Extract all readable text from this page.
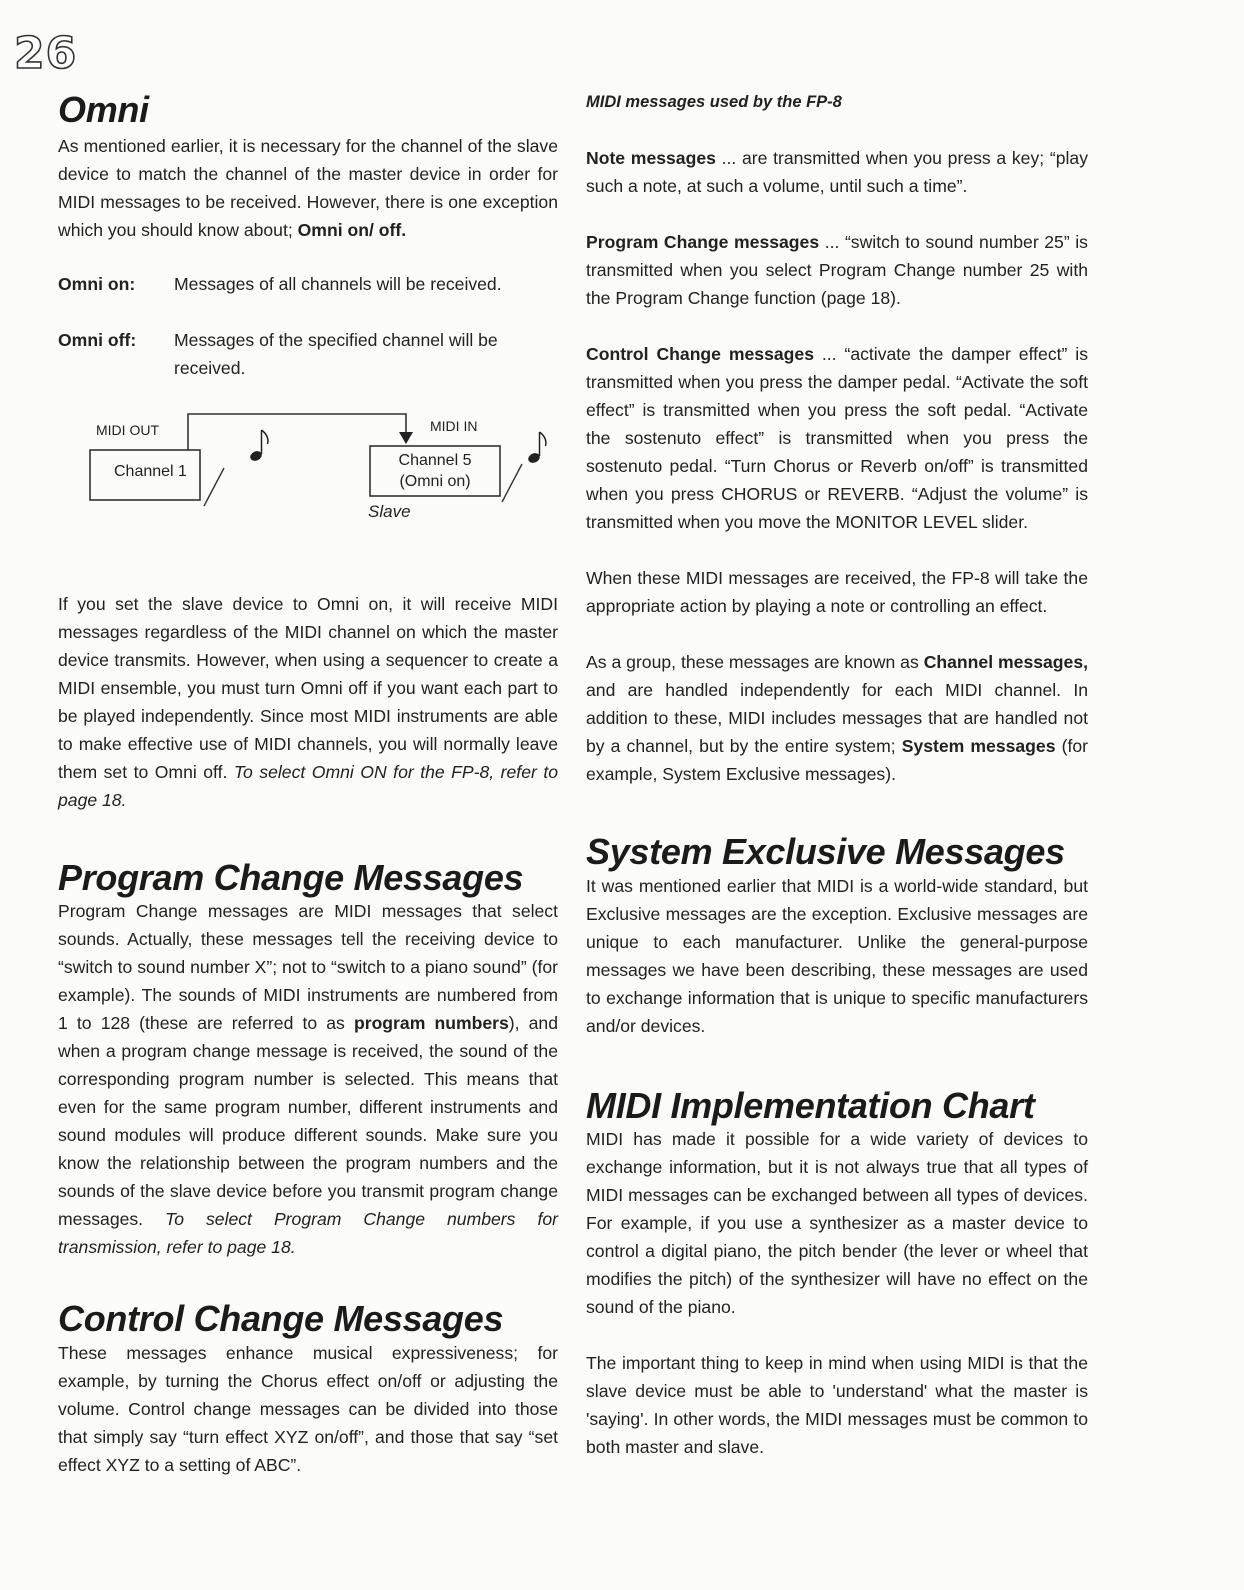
26
Omni

As mentioned earlier, it is necessary for the channel of the slave device to match the channel of the master device in order for MIDI messages to be received. However, there is one exception which you should know about; Omni on/ off.

Omni on:	Messages of all channels will be received.
Omni off:	Messages of the specified channel will be received.
MIDI OUT	MIDI IN
Channel 1
Channel 5
(Omni on)
Slave

If you set the slave device to Omni on, it will receive MIDI messages regardless of the MIDI channel on which the master device transmits. However, when using a sequencer to create a MIDI ensemble, you must turn Omni off if you want each part to be played independently. Since most MIDI instruments are able to make effective use of MIDI channels, you will normally leave them set to Omni off. To select Omni ON for the FP-8, refer to page 18.

Program Change Messages

Program Change messages are MIDI messages that select sounds. Actually, these messages tell the receiving device to “switch to sound number X”; not to “switch to a piano sound” (for example). The sounds of MIDI instruments are numbered from 1 to 128 (these are referred to as program numbers), and when a program change message is received, the sound of the corresponding program number is selected. This means that even for the same program number, different instruments and sound modules will produce different sounds. Make sure you know the relationship between the program numbers and the sounds of the slave device before you transmit program change messages. To select Program Change numbers for transmission, refer to page 18.

Control Change Messages

These messages enhance musical expressiveness; for example, by turning the Chorus effect on/off or adjusting the volume. Control change messages can be divided into those that simply say “turn effect XYZ on/off”, and those that say “set effect XYZ to a setting of ABC”.

MIDI messages used by the FP-8

Note messages ... are transmitted when you press a key; “play such a note, at such a volume, until such a time”.

Program Change messages ... “switch to sound number 25” is transmitted when you select Program Change number 25 with the Program Change function (page 18).

Control Change messages ... “activate the damper effect” is transmitted when you press the damper pedal. “Activate the soft effect” is transmitted when you press the soft pedal. “Activate the sostenuto effect” is transmitted when you press the sostenuto pedal. “Turn Chorus or Reverb on/off” is transmitted when you press CHORUS or REVERB. “Adjust the volume” is transmitted when you move the MONITOR LEVEL slider.

When these MIDI messages are received, the FP-8 will take the appropriate action by playing a note or controlling an effect.

As a group, these messages are known as Channel messages, and are handled independently for each MIDI channel. In addition to these, MIDI includes messages that are handled not by a channel, but by the entire system; System messages (for example, System Exclusive messages).

System Exclusive Messages

It was mentioned earlier that MIDI is a world-wide standard, but Exclusive messages are the exception. Exclusive messages are unique to each manufacturer. Unlike the general-purpose messages we have been describing, these messages are used to exchange information that is unique to specific manufacturers and/or devices.

MIDI Implementation Chart

MIDI has made it possible for a wide variety of devices to exchange information, but it is not always true that all types of MIDI messages can be exchanged between all types of devices. For example, if you use a synthesizer as a master device to control a digital piano, the pitch bender (the lever or wheel that modifies the pitch) of the synthesizer will have no effect on the sound of the piano.

The important thing to keep in mind when using MIDI is that the slave device must be able to 'understand' what the master is 'saying'. In other words, the MIDI messages must be common to both master and slave.
